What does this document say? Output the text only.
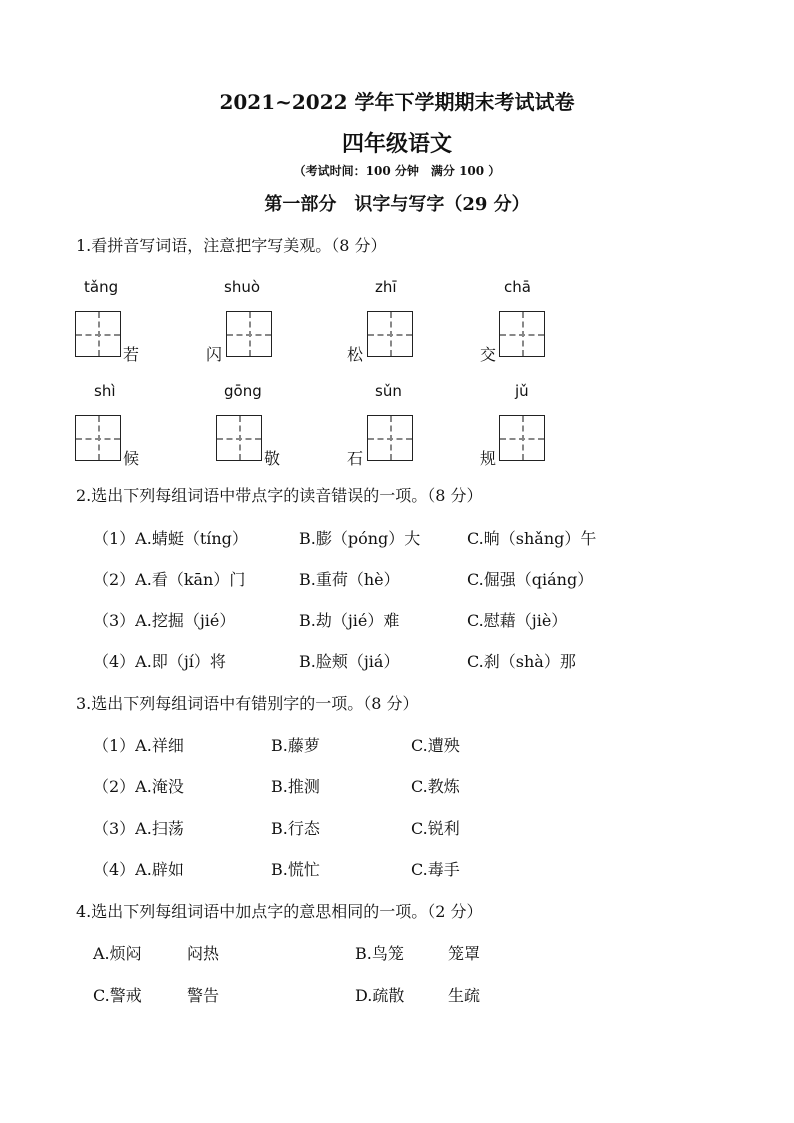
2021~2022 学年下学期期末考试试卷
四年级语文
（考试时间：100 分钟　满分 100 ）
第一部分　识字与写字（29 分）
1.看拼音写词语，注意把字写美观。（8 分）
tǎng	shuò	zhī	chā
若	闪	松	交
shì	gōng	sǔn	jǔ
候	敬	石	规
2.选出下列每组词语中带点字的读音错误的一项。（8 分）
（1）A.蜻蜓（tíng）	B.膨（póng）大	C.晌（shǎng）午
（2）A.看（kān）门	B.重荷（hè）	C.倔强（qiáng）
（3）A.挖掘（jié）	B.劫（jié）难	C.慰藉（jiè）
（4）A.即（jí）将	B.脸颊（jiá）	C.刹（shà）那
3.选出下列每组词语中有错别字的一项。（8 分）
（1）A.祥细	B.藤萝	C.遭殃
（2）A.淹没	B.推测	C.教炼
（3）A.扫荡	B.行态	C.锐利
（4）A.辟如	B.慌忙	C.毒手
4.选出下列每组词语中加点字的意思相同的一项。（2 分）
A.烦闷	闷热	B.鸟笼	笼罩
C.警戒	警告	D.疏散	生疏
